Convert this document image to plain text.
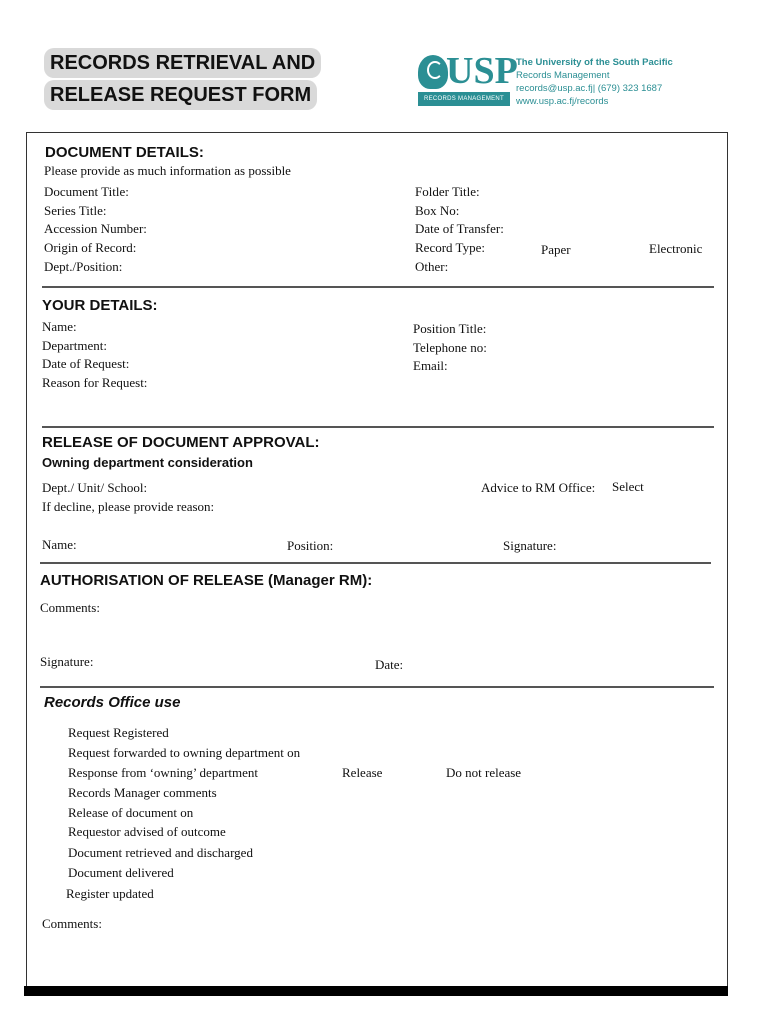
RECORDS RETRIEVAL AND
RELEASE REQUEST FORM
USP
RECORDS MANAGEMENT
The University of the South Pacific
Records Management
records@usp.ac.fj| (679) 323 1687
www.usp.ac.fj/records
DOCUMENT DETAILS:
Please provide as much information as possible
Document Title:
Series Title:
Accession Number:
Origin of Record:
Dept./Position:
Folder Title:
Box No:
Date of Transfer:
Record Type:	Paper	Electronic
Other:
YOUR DETAILS:
Name:
Department:
Date of Request:
Reason for Request:
Position Title:
Telephone no:
Email:
RELEASE OF DOCUMENT APPROVAL:
Owning department consideration
Dept./ Unit/ School:	Advice to RM Office: Select
If decline, please provide reason:
Name:	Position:	Signature:
AUTHORISATION OF RELEASE (Manager RM):
Comments:
Signature:	Date:
Records Office use
Request Registered
Request forwarded to owning department on
Response from ‘owning’ department	Release	Do not release
Records Manager comments
Release of document on
Requestor advised of outcome
Document retrieved and discharged
Document delivered
Register updated
Comments:
